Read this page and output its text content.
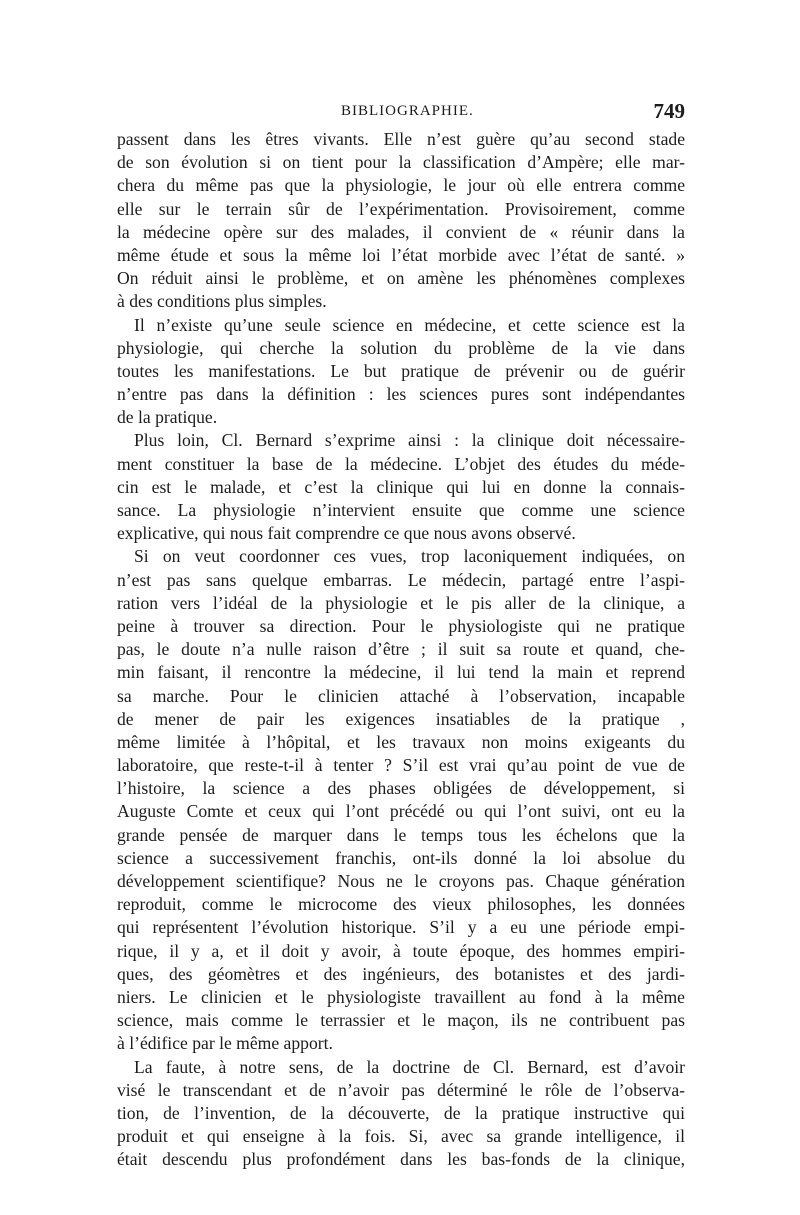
BIBLIOGRAPHIE.	749
passent dans les êtres vivants. Elle n’est guère qu’au second stade
de son évolution si on tient pour la classification d’Ampère; elle mar-
chera du même pas que la physiologie, le jour où elle entrera comme
elle sur le terrain sûr de l’expérimentation. Provisoirement, comme
la médecine opère sur des malades, il convient de « réunir dans la
même étude et sous la même loi l’état morbide avec l’état de santé. »
On réduit ainsi le problème, et on amène les phénomènes complexes
à des conditions plus simples.
Il n’existe qu’une seule science en médecine, et cette science est la
physiologie, qui cherche la solution du problème de la vie dans
toutes les manifestations. Le but pratique de prévenir ou de guérir
n’entre pas dans la définition : les sciences pures sont indépendantes
de la pratique.
Plus loin, Cl. Bernard s’exprime ainsi : la clinique doit nécessaire-
ment constituer la base de la médecine. L’objet des études du méde-
cin est le malade, et c’est la clinique qui lui en donne la connais-
sance. La physiologie n’intervient ensuite que comme une science
explicative, qui nous fait comprendre ce que nous avons observé.
Si on veut coordonner ces vues, trop laconiquement indiquées, on
n’est pas sans quelque embarras. Le médecin, partagé entre l’aspi-
ration vers l’idéal de la physiologie et le pis aller de la clinique, a
peine à trouver sa direction. Pour le physiologiste qui ne pratique
pas, le doute n’a nulle raison d’être ; il suit sa route et quand, che-
min faisant, il rencontre la médecine, il lui tend la main et reprend
sa marche. Pour le clinicien attaché à l’observation, incapable
de mener de pair les exigences insatiables de la pratique ,
même limitée à l’hôpital, et les travaux non moins exigeants du
laboratoire, que reste-t-il à tenter ? S’il est vrai qu’au point de vue de
l’histoire, la science a des phases obligées de développement, si
Auguste Comte et ceux qui l’ont précédé ou qui l’ont suivi, ont eu la
grande pensée de marquer dans le temps tous les échelons que la
science a successivement franchis, ont-ils donné la loi absolue du
développement scientifique? Nous ne le croyons pas. Chaque génération
reproduit, comme le microcome des vieux philosophes, les données
qui représentent l’évolution historique. S’il y a eu une période empi-
rique, il y a, et il doit y avoir, à toute époque, des hommes empiri-
ques, des géomètres et des ingénieurs, des botanistes et des jardi-
niers. Le clinicien et le physiologiste travaillent au fond à la même
science, mais comme le terrassier et le maçon, ils ne contribuent pas
à l’édifice par le même apport.
La faute, à notre sens, de la doctrine de Cl. Bernard, est d’avoir
visé le transcendant et de n’avoir pas déterminé le rôle de l’observa-
tion, de l’invention, de la découverte, de la pratique instructive qui
produit et qui enseigne à la fois. Si, avec sa grande intelligence, il
était descendu plus profondément dans les bas-fonds de la clinique,
